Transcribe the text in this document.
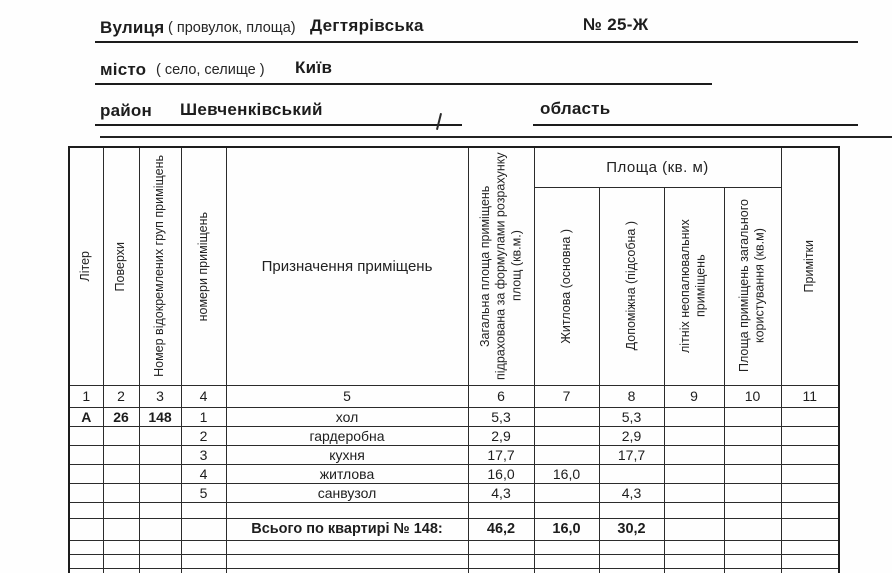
Вулиця ( провулок, площа) Дегтярівська	№ 25-Ж
місто ( село, селище ) Київ
район Шевченківський	область
Літер	Поверхи	Номер відокремлених груп приміщень	номери приміщень	Призначення приміщень	Загальна площа приміщень підрахована за формулами розрахунку площ (кв.м.)	Площа (кв. м)				Примітки

						Житлова (основна )	Допоміжна (підсобна )	літніх неопалювальних приміщень	Площа приміщень загального користування (кв.м)	

1	2	3	4	5	6	7	8	9	10	11
А	26	148	1	хол	5,3		5,3			
			2	гардеробна	2,9		2,9			
			3	кухня	17,7		17,7			
			4	житлова	16,0	16,0				
			5	санвузол	4,3		4,3			

				Всього по квартирі № 148:	46,2	16,0	30,2			
